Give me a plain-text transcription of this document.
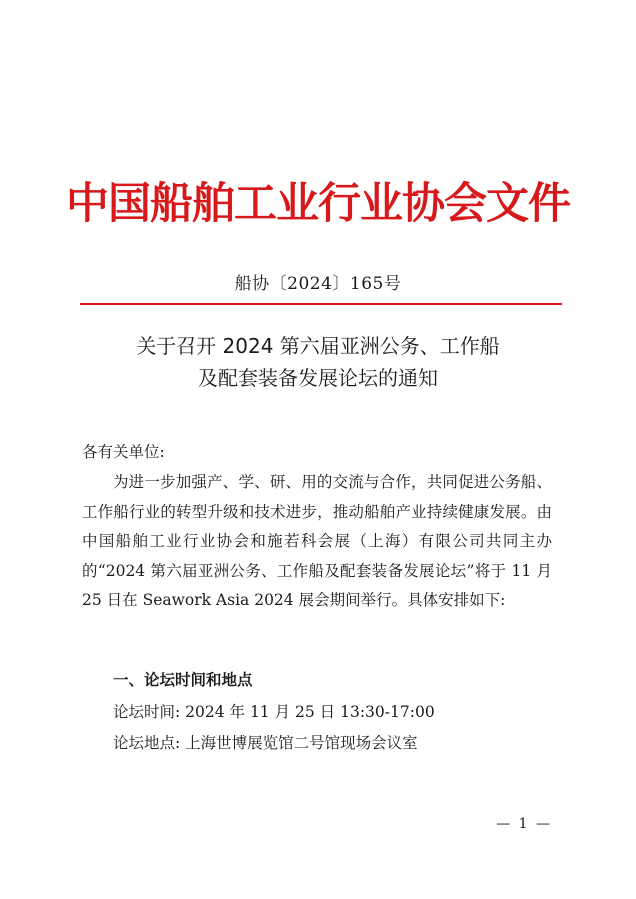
中国船舶工业行业协会文件
船协〔2024〕165号
关于召开 2024 第六届亚洲公务、工作船
及配套装备发展论坛的通知
各有关单位:
为进一步加强产、学、研、用的交流与合作，共同促进公务船、工作船行业的转型升级和技术进步，推动船舶产业持续健康发展。由中国船舶工业行业协会和施若科会展（上海）有限公司共同主办的“2024 第六届亚洲公务、工作船及配套装备发展论坛”将于 11 月 25 日在 Seawork Asia 2024 展会期间举行。具体安排如下:
一、论坛时间和地点
论坛时间: 2024 年 11 月 25 日 13:30-17:00
论坛地点: 上海世博展览馆二号馆现场会议室
— 1 —
